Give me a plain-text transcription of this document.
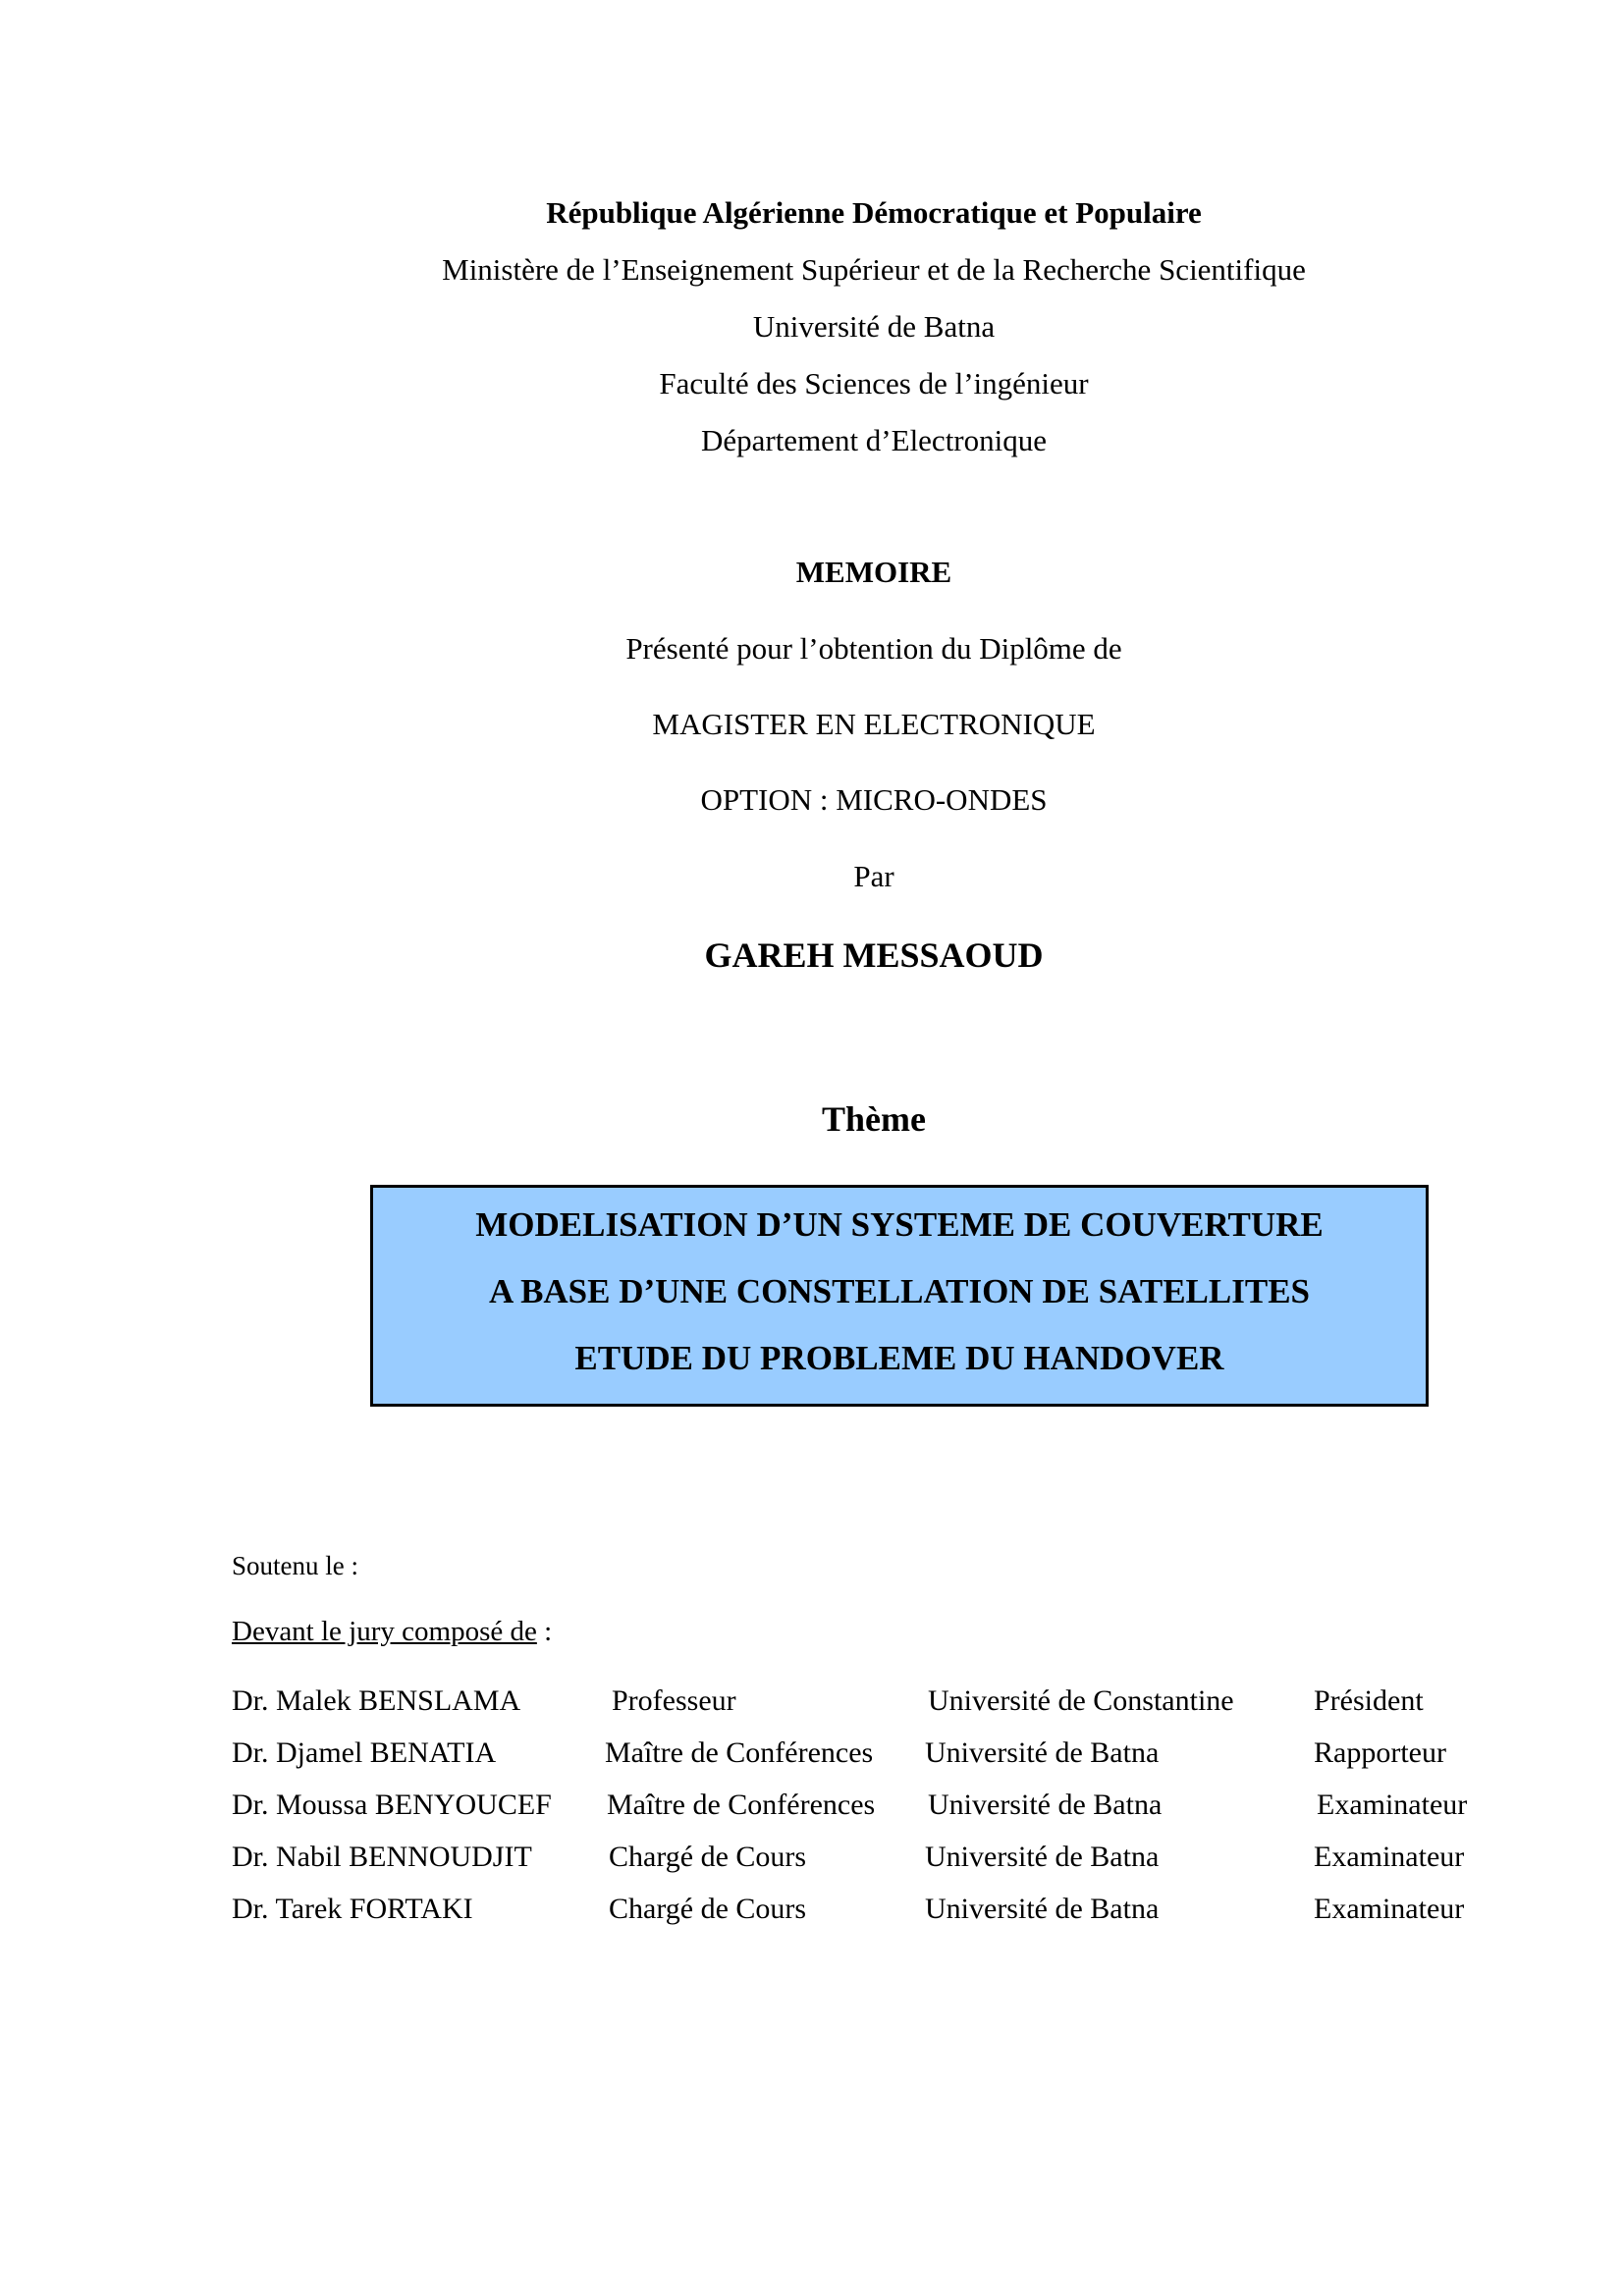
République Algérienne Démocratique et Populaire
Ministère de l’Enseignement Supérieur et de la Recherche Scientifique
Université de Batna
Faculté des Sciences de l’ingénieur
Département d’Electronique
MEMOIRE
Présenté pour l’obtention du Diplôme de
MAGISTER EN ELECTRONIQUE
OPTION : MICRO-ONDES
Par
GAREH MESSAOUD
Thème
MODELISATION D’UN SYSTEME DE COUVERTURE
A BASE D’UNE CONSTELLATION DE SATELLITES
ETUDE DU PROBLEME DU HANDOVER
Soutenu le :
Devant le jury composé de :
Dr. Malek BENSLAMA	Professeur	Université de Constantine	Président
Dr. Djamel BENATIA	Maître de Conférences Université de Batna	Rapporteur
Dr. Moussa BENYOUCEF Maître de Conférences Université de Batna	Examinateur
Dr. Nabil BENNOUDJIT	Chargé de Cours	Université de Batna	Examinateur
Dr. Tarek FORTAKI	Chargé de Cours	Université de Batna	Examinateur
